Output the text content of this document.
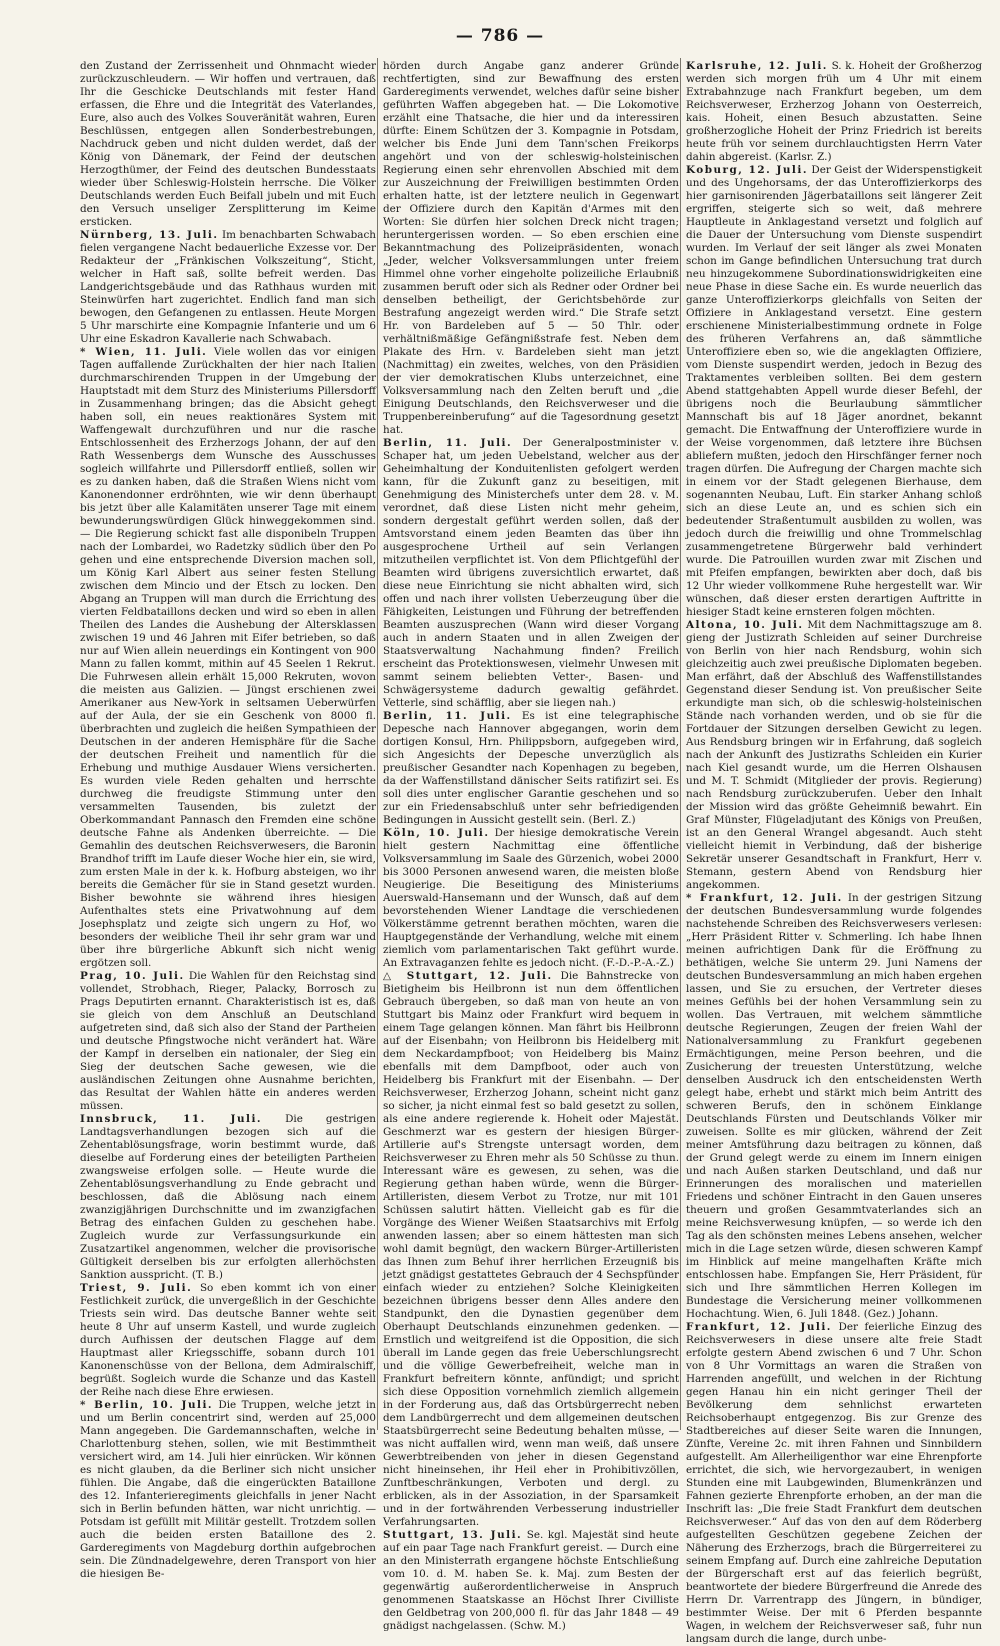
— 786 —

den Zustand der Zerrissenheit und Ohnmacht wieder zurückzuschleudern. — Wir hoffen und vertrauen, daß Ihr die Geschicke Deutschlands mit fester Hand erfassen, die Ehre und die Integrität des Vaterlandes, Eure, also auch des Volkes Souveränität wahren, Euren Beschlüssen, entgegen allen Sonderbestrebungen, Nachdruck geben und nicht dulden werdet, daß der König von Dänemark, der Feind der deutschen Herzogthümer, der Feind des deutschen Bundesstaats wieder über Schleswig-Holstein herrsche. Die Völker Deutschlands werden Euch Beifall jubeln und mit Euch den Versuch unseliger Zersplitterung im Keime ersticken.

Nürnberg, 13. Juli. Im benachbarten Schwabach fielen vergangene Nacht bedauerliche Exzesse vor. Der Redakteur der „Fränkischen Volkszeitung“, Sticht, welcher in Haft saß, sollte befreit werden. Das Landgerichtsgebäude und das Rathhaus wurden mit Steinwürfen hart zugerichtet. Endlich fand man sich bewogen, den Gefangenen zu entlassen. Heute Morgen 5 Uhr marschirte eine Kompagnie Infanterie und um 6 Uhr eine Eskadron Kavallerie nach Schwabach.

* Wien, 11. Juli. Viele wollen das vor einigen Tagen auffallende Zurückhalten der hier nach Italien durchmarschirenden Truppen in der Umgebung der Hauptstadt mit dem Sturz des Ministeriums Pillersdorff in Zusammenhang bringen; das die Absicht gehegt haben soll, ein neues reaktionäres System mit Waffengewalt durchzuführen und nur die rasche Entschlossenheit des Erzherzogs Johann, der auf den Rath Wessenbergs dem Wunsche des Ausschusses sogleich willfahrte und Pillersdorff entließ, sollen wir es zu danken haben, daß die Straßen Wiens nicht vom Kanonendonner erdröhnten, wie wir denn überhaupt bis jetzt über alle Kalamitäten unserer Tage mit einem bewunderungswürdigen Glück hinweggekommen sind. — Die Regierung schickt fast alle disponibeln Truppen nach der Lombardei, wo Radetzky südlich über den Po gehen und eine entsprechende Diversion machen soll, um König Karl Albert aus seiner festen Stellung zwischen dem Mincio und der Etsch zu locken. Den Abgang an Truppen will man durch die Errichtung des vierten Feldbataillons decken und wird so eben in allen Theilen des Landes die Aushebung der Altersklassen zwischen 19 und 46 Jahren mit Eifer betrieben, so daß nur auf Wien allein neuerdings ein Kontingent von 900 Mann zu fallen kommt, mithin auf 45 Seelen 1 Rekrut. Die Fuhrwesen allein erhält 15,000 Rekruten, wovon die meisten aus Galizien. — Jüngst erschienen zwei Amerikaner aus New-York in seltsamen Ueberwürfen auf der Aula, der sie ein Geschenk von 8000 fl. überbrachten und zugleich die heißen Sympathieen der Deutschen in der anderen Hemisphäre für die Sache der deutschen Freiheit und namentlich für die Erhebung und muthige Ausdauer Wiens versicherten. Es wurden viele Reden gehalten und herrschte durchweg die freudigste Stimmung unter den versammelten Tausenden, bis zuletzt der Oberkommandant Pannasch den Fremden eine schöne deutsche Fahne als Andenken überreichte. — Die Gemahlin des deutschen Reichsverwesers, die Baronin Brandhof trifft im Laufe dieser Woche hier ein, sie wird, zum ersten Male in der k. k. Hofburg absteigen, wo ihr bereits die Gemächer für sie in Stand gesetzt wurden. Bisher bewohnte sie während ihres hiesigen Aufenthaltes stets eine Privatwohnung auf dem Josephsplatz und zeigte sich ungern zu Hof, wo besonders der weibliche Theil ihr sehr gram war und über ihre bürgerliche Abkunft sich nicht wenig ergötzen soll.

Prag, 10. Juli. Die Wahlen für den Reichstag sind vollendet, Strobhach, Rieger, Palacky, Borrosch zu Prags Deputirten ernannt. Charakteristisch ist es, daß sie gleich von dem Anschluß an Deutschland aufgetreten sind, daß sich also der Stand der Partheien und deutsche Pfingstwoche nicht verändert hat. Wäre der Kampf in derselben ein nationaler, der Sieg ein Sieg der deutschen Sache gewesen, wie die ausländischen Zeitungen ohne Ausnahme berichten, das Resultat der Wahlen hätte ein anderes werden müssen.

Innsbruck, 11. Juli. Die gestrigen Landtagsverhandlungen bezogen sich auf die Zehentablösungsfrage, worin bestimmt wurde, daß dieselbe auf Forderung eines der beteiligten Partheien zwangsweise erfolgen solle. — Heute wurde die Zehentablösungsverhandlung zu Ende gebracht und beschlossen, daß die Ablösung nach einem zwanzigjährigen Durchschnitte und im zwanzigfachen Betrag des einfachen Gulden zu geschehen habe. Zugleich wurde zur Verfassungsurkunde ein Zusatzartikel angenommen, welcher die provisorische Gültigkeit derselben bis zur erfolgten allerhöchsten Sanktion ausspricht. (T. B.)

Triest, 9. Juli. So eben kommt ich von einer Festlichkeit zurück, die unvergeßlich in der Geschichte Triests sein wird. Das deutsche Banner wehte seit heute 8 Uhr auf unserm Kastell, und wurde zugleich durch Aufhissen der deutschen Flagge auf dem Hauptmast aller Kriegsschiffe, sobann durch 101 Kanonenschüsse von der Bellona, dem Admiralschiff, begrüßt. Sogleich wurde die Schanze und das Kastell der Reihe nach diese Ehre erwiesen.

* Berlin, 10. Juli. Die Truppen, welche jetzt in und um Berlin concentrirt sind, werden auf 25,000 Mann angegeben. Die Gardemannschaften, welche in Charlottenburg stehen, sollen, wie mit Bestimmtheit versichert wird, am 14. Juli hier einrücken. Wir können es nicht glauben, da die Berliner sich nicht unsicher fühlen. Die Angabe, daß die eingerückten Bataillone des 12. Infanterieregiments gleichfalls in jener Nacht sich in Berlin befunden hätten, war nicht unrichtig. — Potsdam ist gefüllt mit Militär gestellt. Trotzdem sollen auch die beiden ersten Bataillone des 2. Garderegiments von Magdeburg dorthin aufgebrochen sein. Die Zündnadelgewehre, deren Transport von hier die hiesigen Be-

hörden durch Angabe ganz anderer Gründe rechtfertigten, sind zur Bewaffnung des ersten Garderegiments verwendet, welches dafür seine bisher geführten Waffen abgegeben hat. — Die Lokomotive erzählt eine Thatsache, die hier und da interessiren dürfte: Einem Schützen der 3. Kompagnie in Potsdam, welcher bis Ende Juni dem Tann'schen Freikorps angehört und von der schleswig-holsteinischen Regierung einen sehr ehrenvollen Abschied mit dem zur Auszeichnung der Freiwilligen bestimmten Orden erhalten hatte, ist der letztere neulich in Gegenwart der Offiziere durch den Kapitän d'Armes mit den Worten: Sie dürfen hier solchen Dreck nicht tragen; heruntergerissen worden. — So eben erschien eine Bekanntmachung des Polizeipräsidenten, wonach „Jeder, welcher Volksversammlungen unter freiem Himmel ohne vorher eingeholte polizeiliche Erlaubniß zusammen beruft oder sich als Redner oder Ordner bei denselben betheiligt, der Gerichtsbehörde zur Bestrafung angezeigt werden wird.“ Die Strafe setzt Hr. von Bardeleben auf 5 — 50 Thlr. oder verhältnißmäßige Gefängnißstrafe fest. Neben dem Plakate des Hrn. v. Bardeleben sieht man jetzt (Nachmittag) ein zweites, welches, von den Präsidien der vier demokratischen Klubs unterzeichnet, eine Volksversammlung nach den Zelten beruft und „die Einigung Deutschlands, den Reichsverweser und die Truppenbereinberufung“ auf die Tagesordnung gesetzt hat.

Berlin, 11. Juli. Der Generalpostminister v. Schaper hat, um jeden Uebelstand, welcher aus der Geheimhaltung der Konduitenlisten gefolgert werden kann, für die Zukunft ganz zu beseitigen, mit Genehmigung des Ministerchefs unter dem 28. v. M. verordnet, daß diese Listen nicht mehr geheim, sondern dergestalt geführt werden sollen, daß der Amtsvorstand einem jeden Beamten das über ihn ausgesprochene Urtheil auf sein Verlangen mitzutheilen verpflichtet ist. Von dem Pflichtgefühl der Beamten wird übrigens zuversichtlich erwartet, daß diese neue Einrichtung sie nicht abhalten wird, sich offen und nach ihrer vollsten Ueberzeugung über die Fähigkeiten, Leistungen und Führung der betreffenden Beamten auszusprechen (Wann wird dieser Vorgang auch in andern Staaten und in allen Zweigen der Staatsverwaltung Nachahmung finden? Freilich erscheint das Protektionswesen, vielmehr Unwesen mit sammt seinem beliebten Vetter-, Basen- und Schwägersysteme dadurch gewaltig gefährdet. Vetterle, sind schäfflig, aber sie liegen nah.)

Berlin, 11. Juli. Es ist eine telegraphische Depesche nach Hannover abgegangen, worin dem dortigen Konsul, Hrn. Philippsborn, aufgegeben wird, sich Angesichts der Depesche unverzüglich als preußischer Gesandter nach Kopenhagen zu begeben, da der Waffenstillstand dänischer Seits ratifizirt sei. Es soll dies unter englischer Garantie geschehen und so zur ein Friedensabschluß unter sehr befriedigenden Bedingungen in Aussicht gestellt sein. (Berl. Z.)

Köln, 10. Juli. Der hiesige demokratische Verein hielt gestern Nachmittag eine öffentliche Volksversammlung im Saale des Gürzenich, wobei 2000 bis 3000 Personen anwesend waren, die meisten bloße Neugierige. Die Beseitigung des Ministeriums Auerswald-Hansemann und der Wunsch, daß auf dem bevorstehenden Wiener Landtage die verschiedenen Völkerstämme getrennt berathen möchten, waren die Hauptgegenstände der Verhandlung, welche mit einem ziemlich vom parlamentarischen Takt geführt wurde. An Extravaganzen fehlte es jedoch nicht. (F.-D.-P.-A.-Z.)

△ Stuttgart, 12. Juli. Die Bahnstrecke von Bietigheim bis Heilbronn ist nun dem öffentlichen Gebrauch übergeben, so daß man von heute an von Stuttgart bis Mainz oder Frankfurt wird bequem in einem Tage gelangen können. Man fährt bis Heilbronn auf der Eisenbahn; von Heilbronn bis Heidelberg mit dem Neckardampfboot; von Heidelberg bis Mainz ebenfalls mit dem Dampfboot, oder auch von Heidelberg bis Frankfurt mit der Eisenbahn. — Der Reichsverweser, Erzherzog Johann, scheint nicht ganz so sicher, ja nicht einmal fest so bald gesetzt zu sollen, als eine andere regierende k. Hoheit oder Majestät. Geschmerzt war es gestern der hiesigen Bürger-Artillerie auf's Strengste untersagt worden, dem Reichsverweser zu Ehren mehr als 50 Schüsse zu thun. Interessant wäre es gewesen, zu sehen, was die Regierung gethan haben würde, wenn die Bürger-Artilleristen, diesem Verbot zu Trotze, nur mit 101 Schüssen salutirt hätten. Vielleicht gab es für die Vorgänge des Wiener Weißen Staatsarchivs mit Erfolg anwenden lassen; aber so einem hättesten man sich wohl damit begnügt, den wackern Bürger-Artilleristen das Ihnen zum Behuf ihrer herrlichen Erzeugniß bis jetzt gnädigst gestattetes Gebrauch der 4 Sechspfünder einfach wieder zu entziehen? Solche Kleinigkeiten bezeichnen übrigens besser denn Alles andere den Standpunkt, den die Dynastien gegenüber dem Oberhaupt Deutschlands einzunehmen gedenken. — Ernstlich und weitgreifend ist die Opposition, die sich überall im Lande gegen das freie Ueberschlungsrecht und die völlige Gewerbefreiheit, welche man in Frankfurt befreitern könnte, anfündigt; und spricht sich diese Opposition vornehmlich ziemlich allgemein in der Forderung aus, daß das Ortsbürgerrecht neben dem Landbürgerrecht und dem allgemeinen deutschen Staatsbürgerrecht seine Bedeutung behalten müsse, — was nicht auffallen wird, wenn man weiß, daß unsere Gewerbtreibenden von jeher in diesen Gegenstand nicht hineinsehen, ihr Heil eher in Prohibitivzöllen, Zunftbeschränkungen, Verboten und dergl. zu erblicken, als in der Assoziation, in der Sparsamkeit und in der fortwährenden Verbesserung industrieller Verfahrungsarten.

Stuttgart, 13. Juli. Se. kgl. Majestät sind heute auf ein paar Tage nach Frankfurt gereist. — Durch eine an den Ministerrath ergangene höchste Entschließung vom 10. d. M. haben Se. k. Maj. zum Besten der gegenwärtig außerordentlicherweise in Anspruch genommenen Staatskasse an Höchst Ihrer Civilliste den Geldbetrag von 200,000 fl. für das Jahr 1848 — 49 gnädigst nachgelassen. (Schw. M.)

Karlsruhe, 12. Juli. S. k. Hoheit der Großherzog werden sich morgen früh um 4 Uhr mit einem Extrabahnzuge nach Frankfurt begeben, um dem Reichsverweser, Erzherzog Johann von Oesterreich, kais. Hoheit, einen Besuch abzustatten. Seine großherzogliche Hoheit der Prinz Friedrich ist bereits heute früh vor seinem durchlauchtigsten Herrn Vater dahin abgereist. (Karlsr. Z.)

Koburg, 12. Juli. Der Geist der Widerspenstigkeit und des Ungehorsams, der das Unteroffizierkorps des hier garnisonirenden Jägerbataillons seit längerer Zeit ergriffen, steigerte sich so weit, daß mehrere Hauptleute in Anklagestand versetzt und folglich auf die Dauer der Untersuchung vom Dienste suspendirt wurden. Im Verlauf der seit länger als zwei Monaten schon im Gange befindlichen Untersuchung trat durch neu hinzugekommene Subordinationswidrigkeiten eine neue Phase in diese Sache ein. Es wurde neuerlich das ganze Unteroffizierkorps gleichfalls von Seiten der Offiziere in Anklagestand versetzt. Eine gestern erschienene Ministerialbestimmung ordnete in Folge des früheren Verfahrens an, daß sämmtliche Unteroffiziere eben so, wie die angeklagten Offiziere, vom Dienste suspendirt werden, jedoch in Bezug des Traktamentes verbleiben sollten. Bei dem gestern Abend stattgehabten Appell wurde dieser Befehl, der übrigens noch die Beurlaubung sämmtlicher Mannschaft bis auf 18 Jäger anordnet, bekannt gemacht. Die Entwaffnung der Unteroffiziere wurde in der Weise vorgenommen, daß letztere ihre Büchsen abliefern mußten, jedoch den Hirschfänger ferner noch tragen dürfen. Die Aufregung der Chargen machte sich in einem vor der Stadt gelegenen Bierhause, dem sogenannten Neubau, Luft. Ein starker Anhang schloß sich an diese Leute an, und es schien sich ein bedeutender Straßentumult ausbilden zu wollen, was jedoch durch die freiwillig und ohne Trommelschlag zusammengetretene Bürgerwehr bald verhindert wurde. Die Patrouillen wurden zwar mit Zischen und mit Pfeifen empfangen, bewirkten aber doch, daß bis 12 Uhr wieder vollkommene Ruhe hergestellt war. Wir wünschen, daß dieser ersten derartigen Auftritte in hiesiger Stadt keine ernsteren folgen möchten.

Altona, 10. Juli. Mit dem Nachmittagszuge am 8. gieng der Justizrath Schleiden auf seiner Durchreise von Berlin von hier nach Rendsburg, wohin sich gleichzeitig auch zwei preußische Diplomaten begeben. Man erfährt, daß der Abschluß des Waffenstillstandes Gegenstand dieser Sendung ist. Von preußischer Seite erkundigte man sich, ob die schleswig-holsteinischen Stände nach vorhanden werden, und ob sie für die Fortdauer der Sitzungen derselben Gewicht zu legen. Aus Rendsburg bringen wir in Erfahrung, daß sogleich nach der Ankunft des Justizraths Schleiden ein Kurier nach Kiel gesandt wurde, um die Herren Olshausen und M. T. Schmidt (Mitglieder der provis. Regierung) nach Rendsburg zurückzuberufen. Ueber den Inhalt der Mission wird das größte Geheimniß bewahrt. Ein Graf Münster, Flügeladjutant des Königs von Preußen, ist an den General Wrangel abgesandt. Auch steht vielleicht hiemit in Verbindung, daß der bisherige Sekretär unserer Gesandtschaft in Frankfurt, Herr v. Stemann, gestern Abend von Rendsburg hier angekommen.

* Frankfurt, 12. Juli. In der gestrigen Sitzung der deutschen Bundesversammlung wurde folgendes nachstehende Schreiben des Reichsverwesers verlesen: „Herr Präsident Ritter v. Schmerling. Ich habe Ihnen meinen aufrichtigen Dank für die Eröffnung zu bethätigen, welche Sie unterm 29. Juni Namens der deutschen Bundesversammlung an mich haben ergehen lassen, und Sie zu ersuchen, der Vertreter dieses meines Gefühls bei der hohen Versammlung sein zu wollen. Das Vertrauen, mit welchem sämmtliche deutsche Regierungen, Zeugen der freien Wahl der Nationalversammlung zu Frankfurt gegebenen Ermächtigungen, meine Person beehren, und die Zusicherung der treuesten Unterstützung, welche denselben Ausdruck ich den entscheidensten Werth gelegt habe, erhebt und stärkt mich beim Antritt des schweren Berufs, den in schönem Einklange Deutschlands Fürsten und Deutschlands Völker mir zuweisen. Sollte es mir glücken, während der Zeit meiner Amtsführung dazu beitragen zu können, daß der Grund gelegt werde zu einem im Innern einigen und nach Außen starken Deutschland, und daß nur Erinnerungen des moralischen und materiellen Friedens und schöner Eintracht in den Gauen unseres theuern und großen Gesammtvaterlandes sich an meine Reichsverwesung knüpfen, — so werde ich den Tag als den schönsten meines Lebens ansehen, welcher mich in die Lage setzen würde, diesen schweren Kampf im Hinblick auf meine mangelhaften Kräfte mich entschlossen habe. Empfangen Sie, Herr Präsident, für sich und Ihre sämmtlichen Herren Kollegen im Bundestage die Versicherung meiner vollkommenen Hochachtung. Wien, 6. Juli 1848. (Gez.) Johann.

Frankfurt, 12. Juli. Der feierliche Einzug des Reichsverwesers in diese unsere alte freie Stadt erfolgte gestern Abend zwischen 6 und 7 Uhr. Schon von 8 Uhr Vormittags an waren die Straßen von Harrenden angefüllt, und welchen in der Richtung gegen Hanau hin ein nicht geringer Theil der Bevölkerung dem sehnlichst erwarteten Reichsoberhaupt entgegenzog. Bis zur Grenze des Stadtbereiches auf dieser Seite waren die Innungen, Zünfte, Vereine 2c. mit ihren Fahnen und Sinnbildern aufgestellt. Am Allerheiligenthor war eine Ehrenpforte errichtet, die sich, wie hervorgezaubert, in wenigen Stunden eine mit Laubgewinden, Blumenkränzen und Fahnen gezierte Ehrenpforte erhoben, an der man die Inschrift las: „Die freie Stadt Frankfurt dem deutschen Reichsverweser.“ Auf das von den auf dem Röderberg aufgestellten Geschützen gegebene Zeichen der Näherung des Erzherzogs, brach die Bürgerreiterei zu seinem Empfang auf. Durch eine zahlreiche Deputation der Bürgerschaft erst auf das feierlich begrüßt, beantwortete der biedere Bürgerfreund die Anrede des Herrn Dr. Varrentrapp des Jüngern, in bündiger, bestimmter Weise. Der mit 6 Pferden bespannte Wagen, in welchem der Reichsverweser saß, fuhr nun langsam durch die lange, durch unbe-
